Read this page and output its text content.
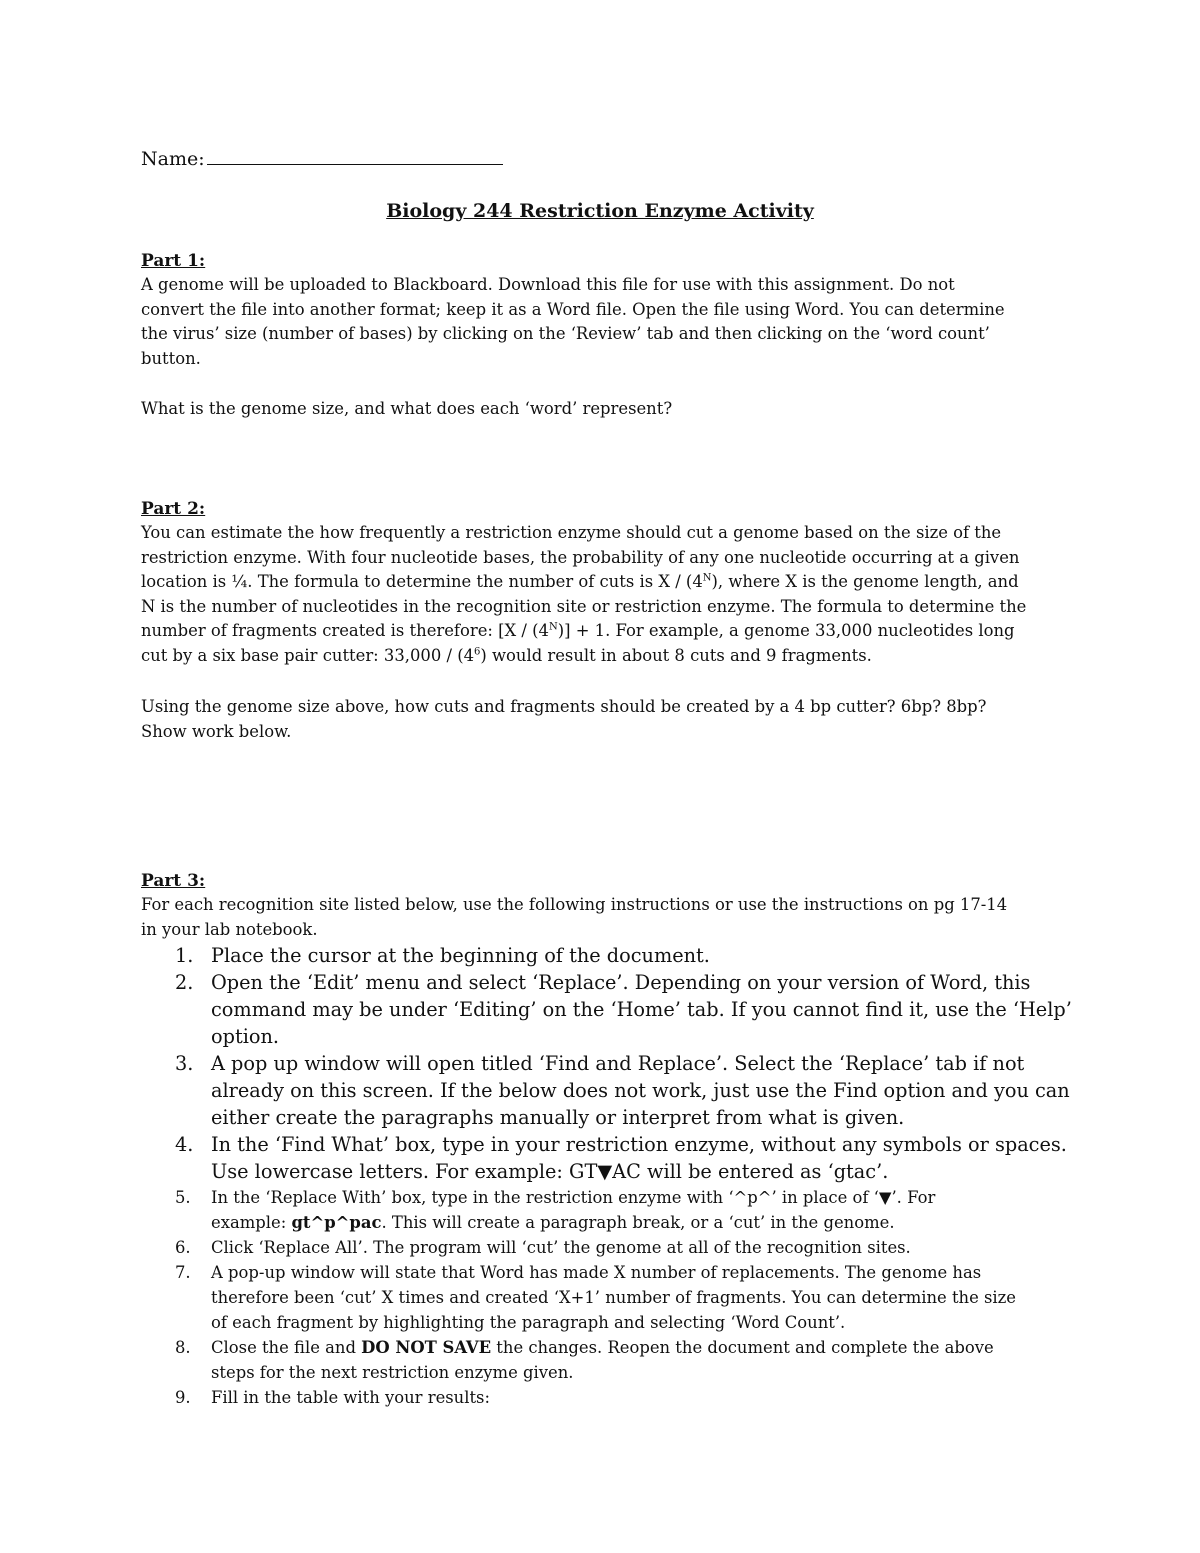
Name:
Biology 244 Restriction Enzyme Activity
Part 1:
A genome will be uploaded to Blackboard. Download this file for use with this assignment. Do not
convert the file into another format; keep it as a Word file. Open the file using Word. You can determine
the virus’ size (number of bases) by clicking on the ‘Review’ tab and then clicking on the ‘word count’
button.
What is the genome size, and what does each ‘word’ represent?
Part 2:
You can estimate the how frequently a restriction enzyme should cut a genome based on the size of the
restriction enzyme. With four nucleotide bases, the probability of any one nucleotide occurring at a given
location is ¼. The formula to determine the number of cuts is X / $(4^N)$, where X is the genome length, and
N is the number of nucleotides in the recognition site or restriction enzyme. The formula to determine the
number of fragments created is therefore: $[X / (4^N)] + 1$. For example, a genome 33,000 nucleotides long
cut by a six base pair cutter: $33,000 / (4^6)$ would result in about 8 cuts and 9 fragments.
Using the genome size above, how cuts and fragments should be created by a 4 bp cutter? 6bp? 8bp?
Show work below.
Part 3:
For each recognition site listed below, use the following instructions or use the instructions on pg 17-14
in your lab notebook.
1. Place the cursor at the beginning of the document.
2. Open the ‘Edit’ menu and select ‘Replace’. Depending on your version of Word, this
command may be under ‘Editing’ on the ‘Home’ tab. If you cannot find it, use the ‘Help’
option.
3. A pop up window will open titled ‘Find and Replace’. Select the ‘Replace’ tab if not
already on this screen. If the below does not work, just use the Find option and you can
either create the paragraphs manually or interpret from what is given.
4. In the ‘Find What’ box, type in your restriction enzyme, without any symbols or spaces.
Use lowercase letters. For example: GT▼AC will be entered as ‘gtac’.
5. In the ‘Replace With’ box, type in the restriction enzyme with ‘^p^’ in place of ‘▼’. For
example: gt^p^pac. This will create a paragraph break, or a ‘cut’ in the genome.
6. Click ‘Replace All’. The program will ‘cut’ the genome at all of the recognition sites.
7. A pop-up window will state that Word has made X number of replacements. The genome has
therefore been ‘cut’ X times and created ‘X+1’ number of fragments. You can determine the size
of each fragment by highlighting the paragraph and selecting ‘Word Count’.
8. Close the file and DO NOT SAVE the changes. Reopen the document and complete the above
steps for the next restriction enzyme given.
9. Fill in the table with your results:
